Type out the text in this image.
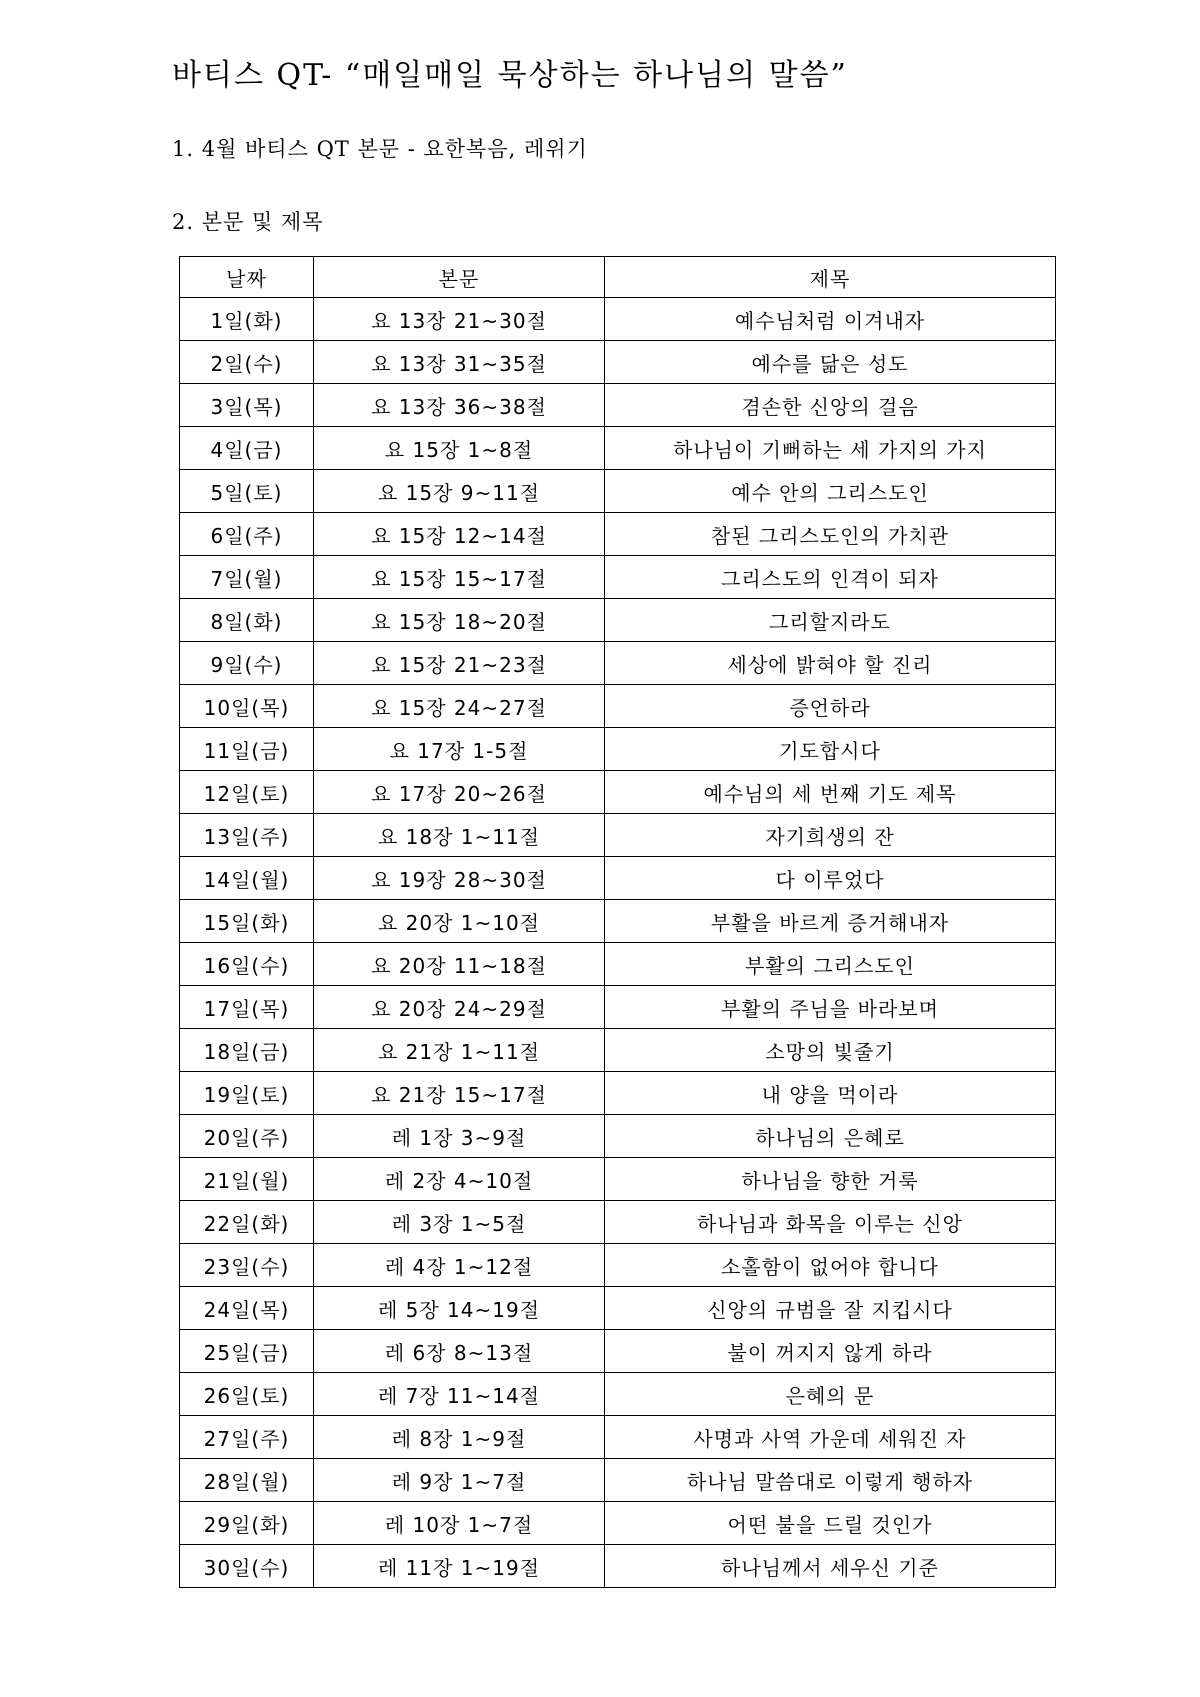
바티스 QT- “매일매일 묵상하는 하나님의 말씀”
1. 4월 바티스 QT 본문 - 요한복음, 레위기
2. 본문 및 제목
날짜	본문	제목
1일(화)	요 13장 21~30절	예수님처럼 이겨내자
2일(수)	요 13장 31~35절	예수를 닮은 성도
3일(목)	요 13장 36~38절	겸손한 신앙의 걸음
4일(금)	요 15장 1~8절	하나님이 기뻐하는 세 가지의 가지
5일(토)	요 15장 9~11절	예수 안의 그리스도인
6일(주)	요 15장 12~14절	참된 그리스도인의 가치관
7일(월)	요 15장 15~17절	그리스도의 인격이 되자
8일(화)	요 15장 18~20절	그리할지라도
9일(수)	요 15장 21~23절	세상에 밝혀야 할 진리
10일(목)	요 15장 24~27절	증언하라
11일(금)	요 17장 1-5절	기도합시다
12일(토)	요 17장 20~26절	예수님의 세 번째 기도 제목
13일(주)	요 18장 1~11절	자기희생의 잔
14일(월)	요 19장 28~30절	다 이루었다
15일(화)	요 20장 1~10절	부활을 바르게 증거해내자
16일(수)	요 20장 11~18절	부활의 그리스도인
17일(목)	요 20장 24~29절	부활의 주님을 바라보며
18일(금)	요 21장 1~11절	소망의 빛줄기
19일(토)	요 21장 15~17절	내 양을 먹이라
20일(주)	레 1장 3~9절	하나님의 은혜로
21일(월)	레 2장 4~10절	하나님을 향한 거룩
22일(화)	레 3장 1~5절	하나님과 화목을 이루는 신앙
23일(수)	레 4장 1~12절	소홀함이 없어야 합니다
24일(목)	레 5장 14~19절	신앙의 규범을 잘 지킵시다
25일(금)	레 6장 8~13절	불이 꺼지지 않게 하라
26일(토)	레 7장 11~14절	은혜의 문
27일(주)	레 8장 1~9절	사명과 사역 가운데 세워진 자
28일(월)	레 9장 1~7절	하나님 말씀대로 이렇게 행하자
29일(화)	레 10장 1~7절	어떤 불을 드릴 것인가
30일(수)	레 11장 1~19절	하나님께서 세우신 기준
